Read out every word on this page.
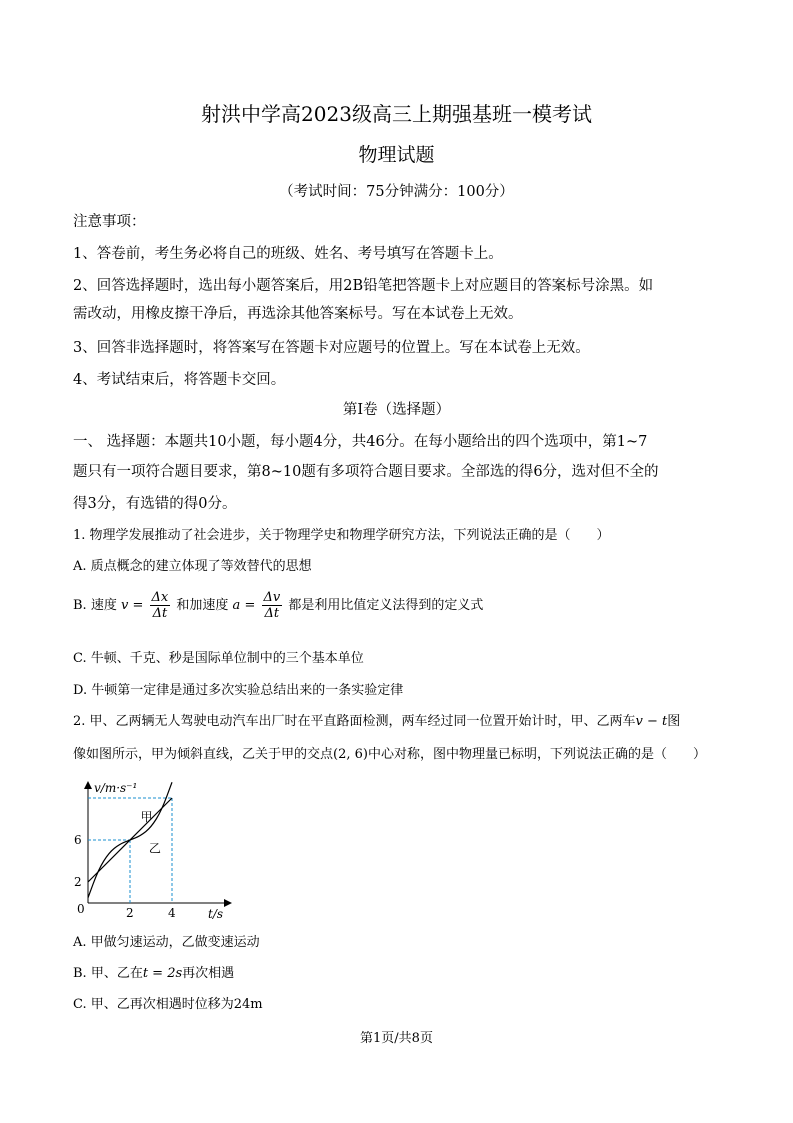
射洪中学高2023级高三上期强基班一模考试
物理试题
（考试时间：75分钟满分：100分）
注意事项：
1、答卷前，考生务必将自己的班级、姓名、考号填写在答题卡上。
2、回答选择题时，选出每小题答案后，用2B铅笔把答题卡上对应题目的答案标号涂黑。如
需改动，用橡皮擦干净后，再选涂其他答案标号。写在本试卷上无效。
3、回答非选择题时，将答案写在答题卡对应题号的位置上。写在本试卷上无效。
4、考试结束后，将答题卡交回。
第I卷（选择题）
一、 选择题：本题共10小题，每小题4分，共46分。在每小题给出的四个选项中，第1~7
题只有一项符合题目要求，第8~10题有多项符合题目要求。全部选的得6分，选对但不全的
得3分，有选错的得0分。
1. 物理学发展推动了社会进步，关于物理学史和物理学研究方法，下列说法正确的是（　　）
A. 质点概念的建立体现了等效替代的思想
B. 速度 $v = \frac{\Delta x}{\Delta t}$ 和加速度 $a = \frac{\Delta v}{\Delta t}$ 都是利用比值定义法得到的定义式
C. 牛顿、千克、秒是国际单位制中的三个基本单位
D. 牛顿第一定律是通过多次实验总结出来的一条实验定律
2. 甲、乙两辆无人驾驶电动汽车出厂时在平直路面检测，两车经过同一位置开始计时，甲、乙两车v − t图
像如图所示，甲为倾斜直线，乙关于甲的交点(2, 6)中心对称，图中物理量已标明，下列说法正确的是（　　）
v/m·s⁻¹
t/s
0
甲
乙
2
6
2	4
A. 甲做匀速运动，乙做变速运动
B. 甲、乙在t = 2s再次相遇
C. 甲、乙再次相遇时位移为24m
第1页/共8页
